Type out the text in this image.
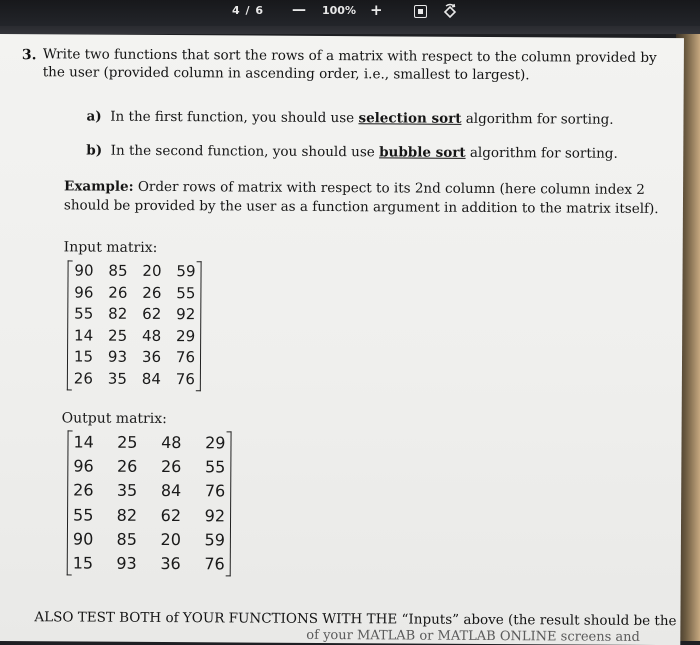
4 / 6 — 100% +
3. Write two functions that sort the rows of a matrix with respect to the column provided by the user (provided column in ascending order, i.e., smallest to largest).
a) In the first function, you should use selection sort algorithm for sorting.
b) In the second function, you should use bubble sort algorithm for sorting.
Example: Order rows of matrix with respect to its 2nd column (here column index 2 should be provided by the user as a function argument in addition to the matrix itself).
Input matrix:
90 85 20 59
96 26 26 55
55 82 62 92
14 25 48 29
15 93 36 76
26 35 84 76
Output matrix:
14	25	48	29
96	26	26	55
26	35	84	76
55	82	62	92
90	85	20	59
15	93	36	76
ALSO TEST BOTH of YOUR FUNCTIONS WITH THE “Inputs” above (the result should be the
of your MATLAB or MATLAB ONLINE screens and
